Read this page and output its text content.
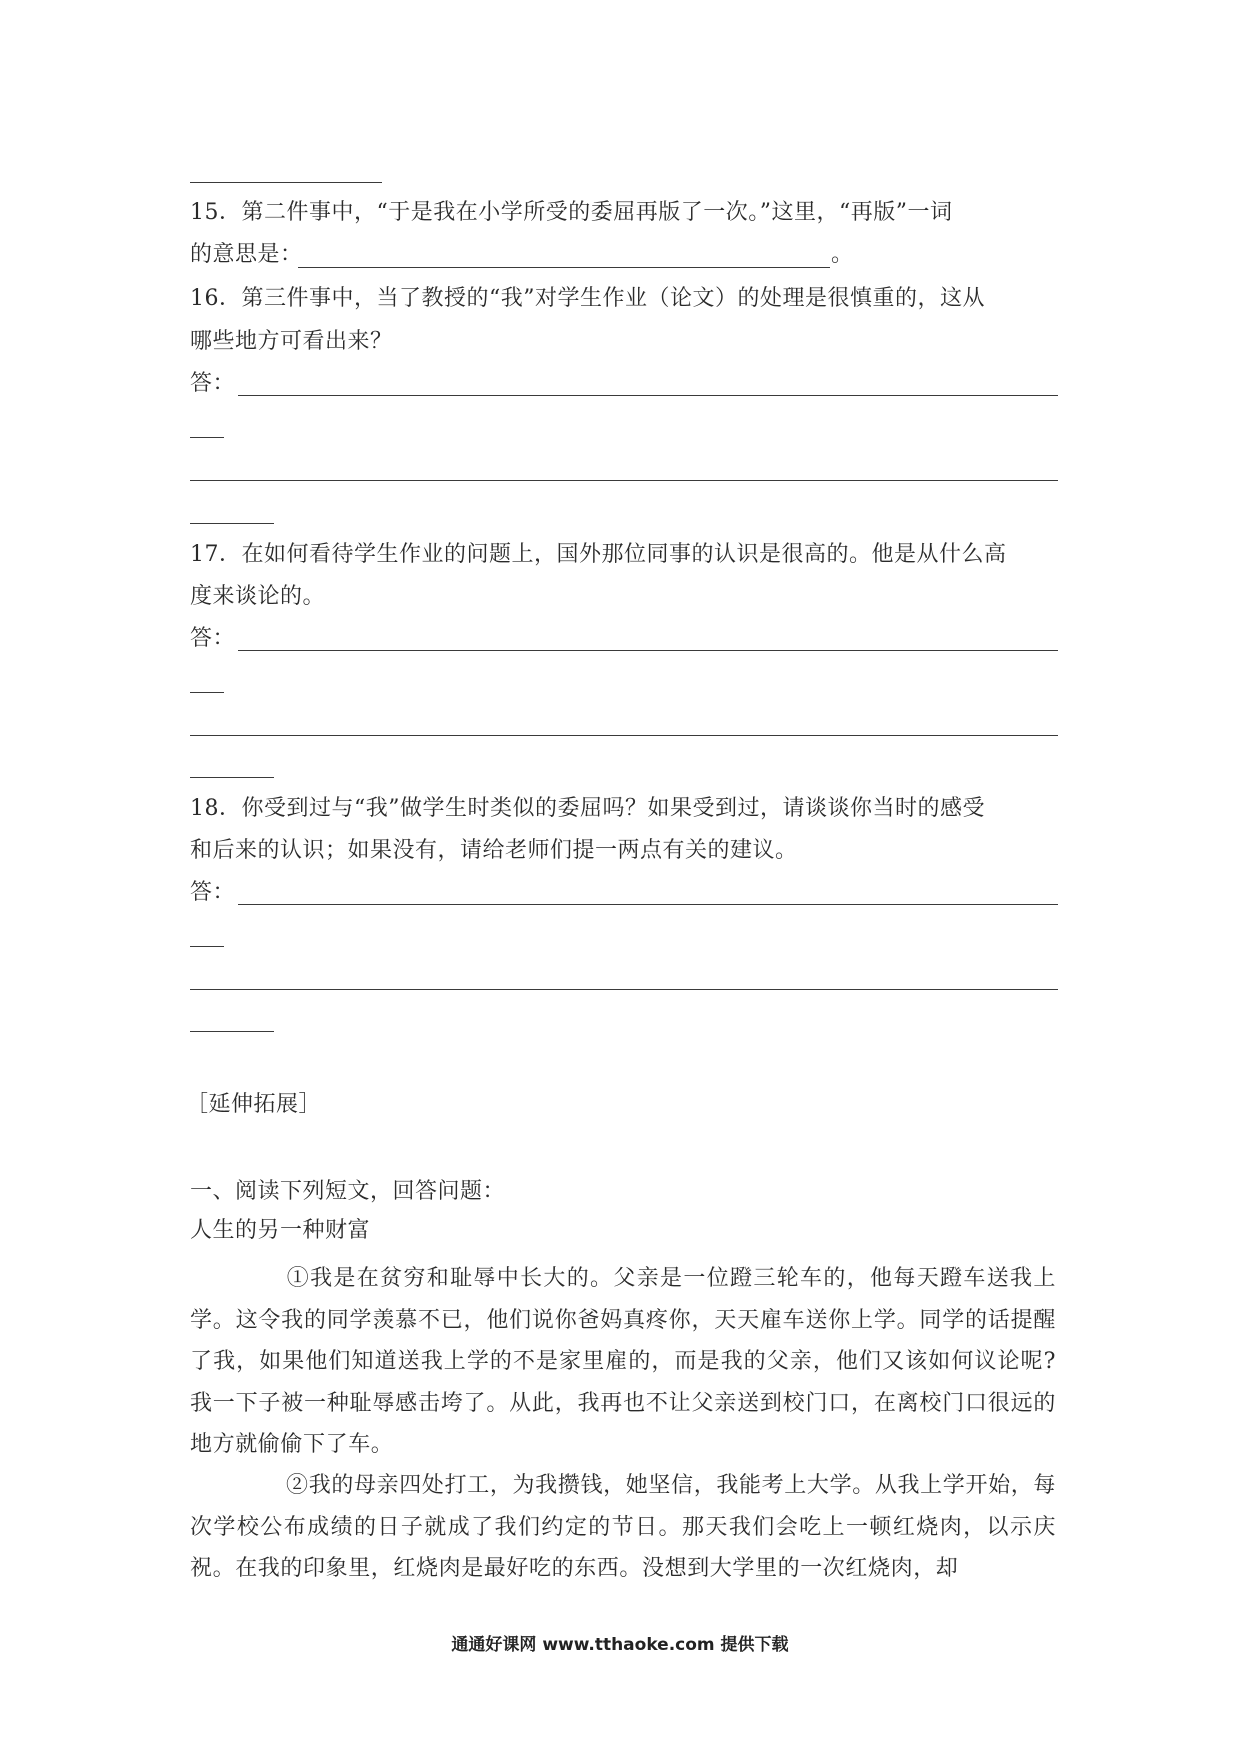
15．第二件事中，“于是我在小学所受的委屈再版了一次。”这里，“再版”一词
的意思是：	。
16．第三件事中，当了教授的“我”对学生作业（论文）的处理是很慎重的，这从
哪些地方可看出来？
答：
17．在如何看待学生作业的问题上，国外那位同事的认识是很高的。他是从什么高
度来谈论的。
答：
18．你受到过与“我”做学生时类似的委屈吗？如果受到过，请谈谈你当时的感受
和后来的认识；如果没有，请给老师们提一两点有关的建议。
答：
［延伸拓展］
一、阅读下列短文，回答问题：
人生的另一种财富
①我是在贫穷和耻辱中长大的。父亲是一位蹬三轮车的，他每天蹬车送我上学。这令我的同学羡慕不已，他们说你爸妈真疼你，天天雇车送你上学。同学的话提醒了我，如果他们知道送我上学的不是家里雇的，而是我的父亲，他们又该如何议论呢?我一下子被一种耻辱感击垮了。从此，我再也不让父亲送到校门口，在离校门口很远的地方就偷偷下了车。
②我的母亲四处打工，为我攒钱，她坚信，我能考上大学。从我上学开始，每次学校公布成绩的日子就成了我们约定的节日。那天我们会吃上一顿红烧肉，以示庆祝。在我的印象里，红烧肉是最好吃的东西。没想到大学里的一次红烧肉，却
通通好课网 www.tthaoke.com 提供下载
